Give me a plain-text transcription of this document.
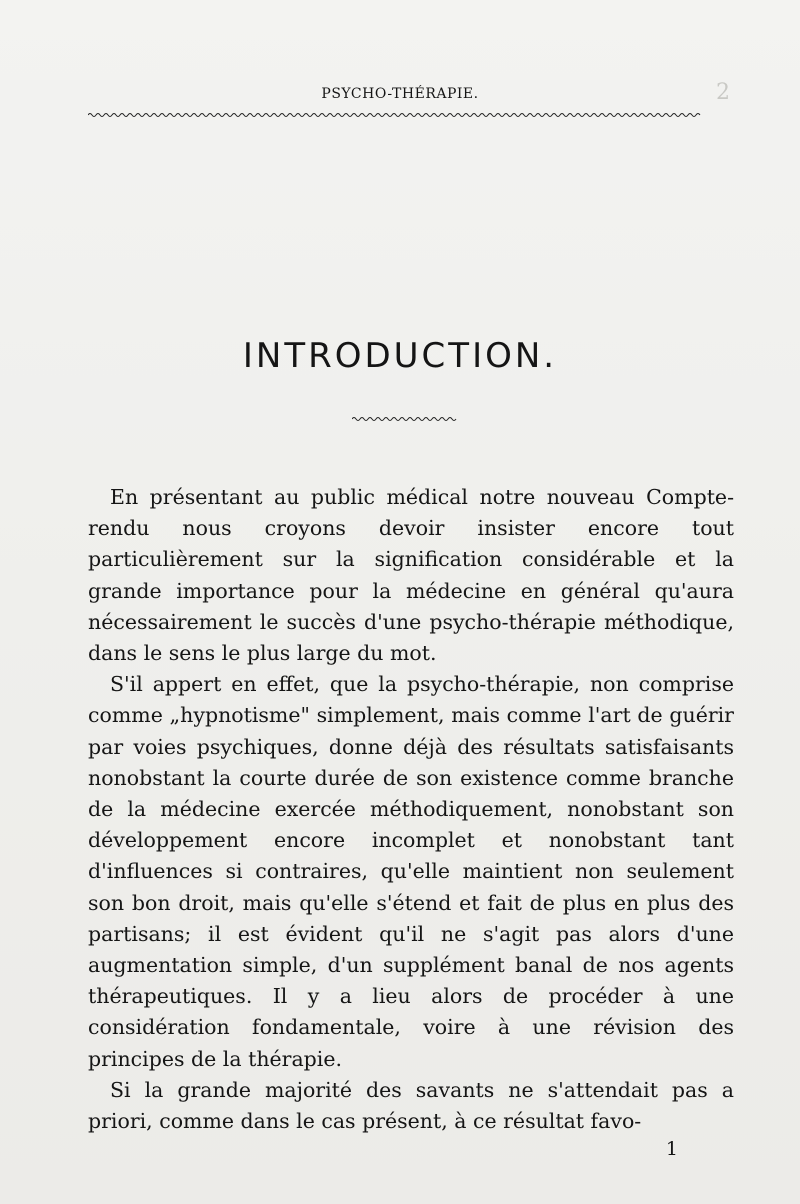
PSYCHO-THÉRAPIE.	2
INTRODUCTION.

En présentant au public médical notre nouveau Compte-rendu nous croyons devoir insister encore tout particulièrement sur la signification considérable et la grande importance pour la médecine en général qu'aura nécessairement le succès d'une psycho-thérapie méthodique, dans le sens le plus large du mot.

S'il appert en effet, que la psycho-thérapie, non comprise comme „hypnotisme" simplement, mais comme l'art de guérir par voies psychiques, donne déjà des résultats satisfaisants nonobstant la courte durée de son existence comme branche de la médecine exercée méthodiquement, nonobstant son développement encore incomplet et nonobstant tant d'influences si contraires, qu'elle maintient non seulement son bon droit, mais qu'elle s'étend et fait de plus en plus des partisans; il est évident qu'il ne s'agit pas alors d'une augmentation simple, d'un supplément banal de nos agents thérapeutiques. Il y a lieu alors de procéder à une considération fondamentale, voire à une révision des principes de la thérapie.

Si la grande majorité des savants ne s'attendait pas a priori, comme dans le cas présent, à ce résultat favo-

1
